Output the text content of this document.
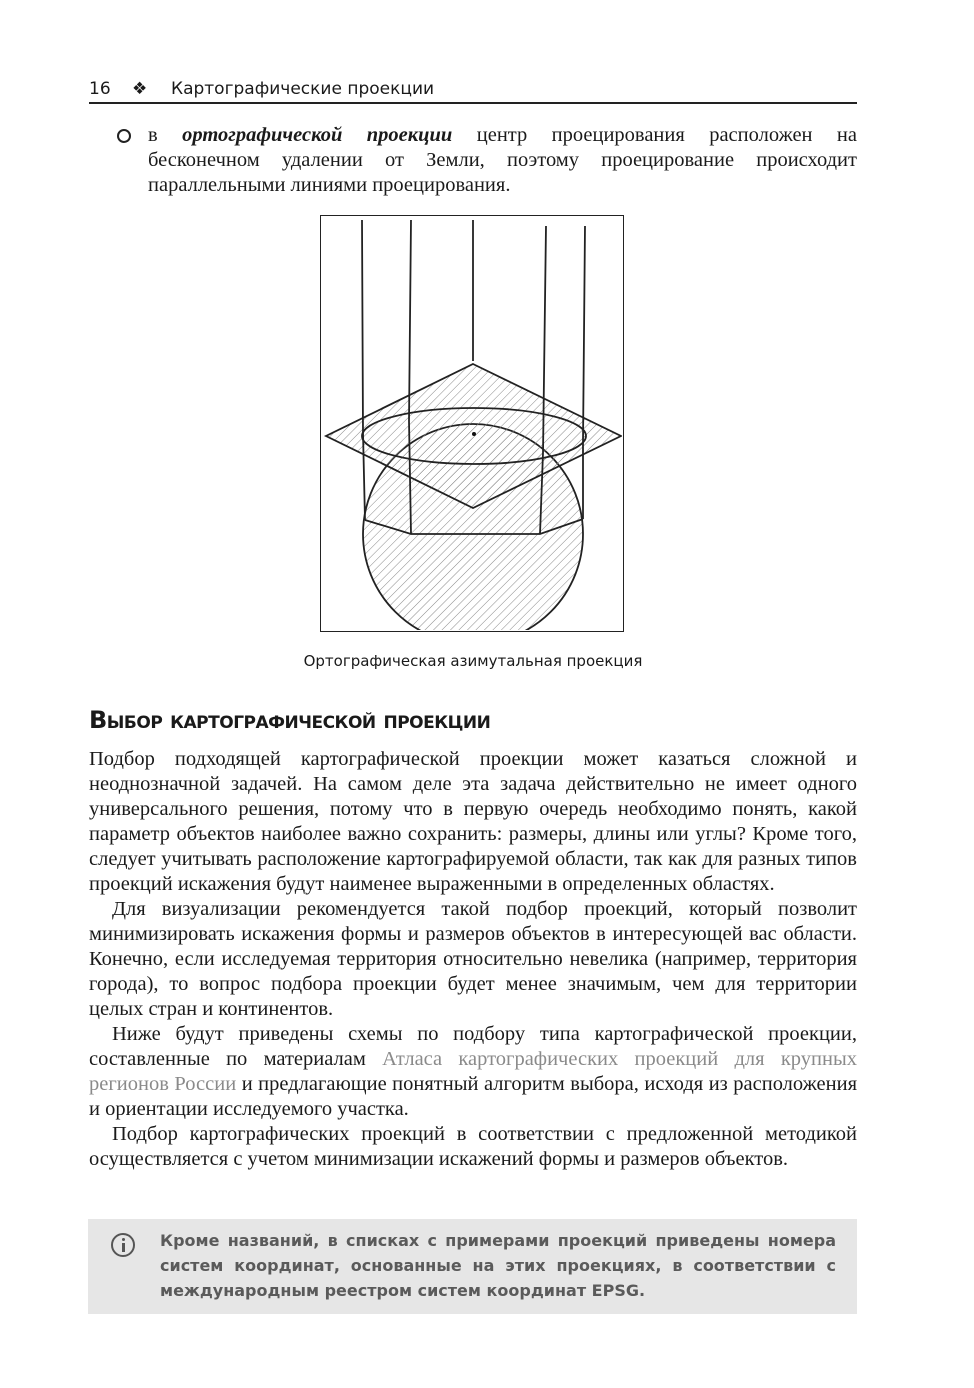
16 ❖ Картографические проекции
в ортографической проекции центр проецирования расположен на бесконечном удалении от Земли, поэтому проецирование происходит параллельными линиями проецирования.
Ортографическая азимутальная проекция
Выбор картографической проекции

Подбор подходящей картографической проекции может казаться сложной и неоднозначной задачей. На самом деле эта задача действительно не имеет одного универсального решения, потому что в первую очередь необходимо понять, какой параметр объектов наиболее важно сохранить: размеры, длины или углы? Кроме того, следует учитывать расположение картографируемой области, так как для разных типов проекций искажения будут наименее выраженными в определенных областях.

Для визуализации рекомендуется такой подбор проекций, который позволит минимизировать искажения формы и размеров объектов в интересующей вас области. Конечно, если исследуемая территория относительно невелика (например, территория города), то вопрос подбора проекции будет менее значимым, чем для территории целых стран и континентов.

Ниже будут приведены схемы по подбору типа картографической проекции, составленные по материалам Атласа картографических проекций для крупных регионов России и предлагающие понятный алгоритм выбора, исходя из расположения и ориентации исследуемого участка.

Подбор картографических проекций в соответствии с предложенной методикой осуществляется с учетом минимизации искажений формы и размеров объектов.

Кроме названий, в списках с примерами проекций приведены номера систем координат, основанные на этих проекциях, в соответствии с международным реестром систем координат EPSG.
